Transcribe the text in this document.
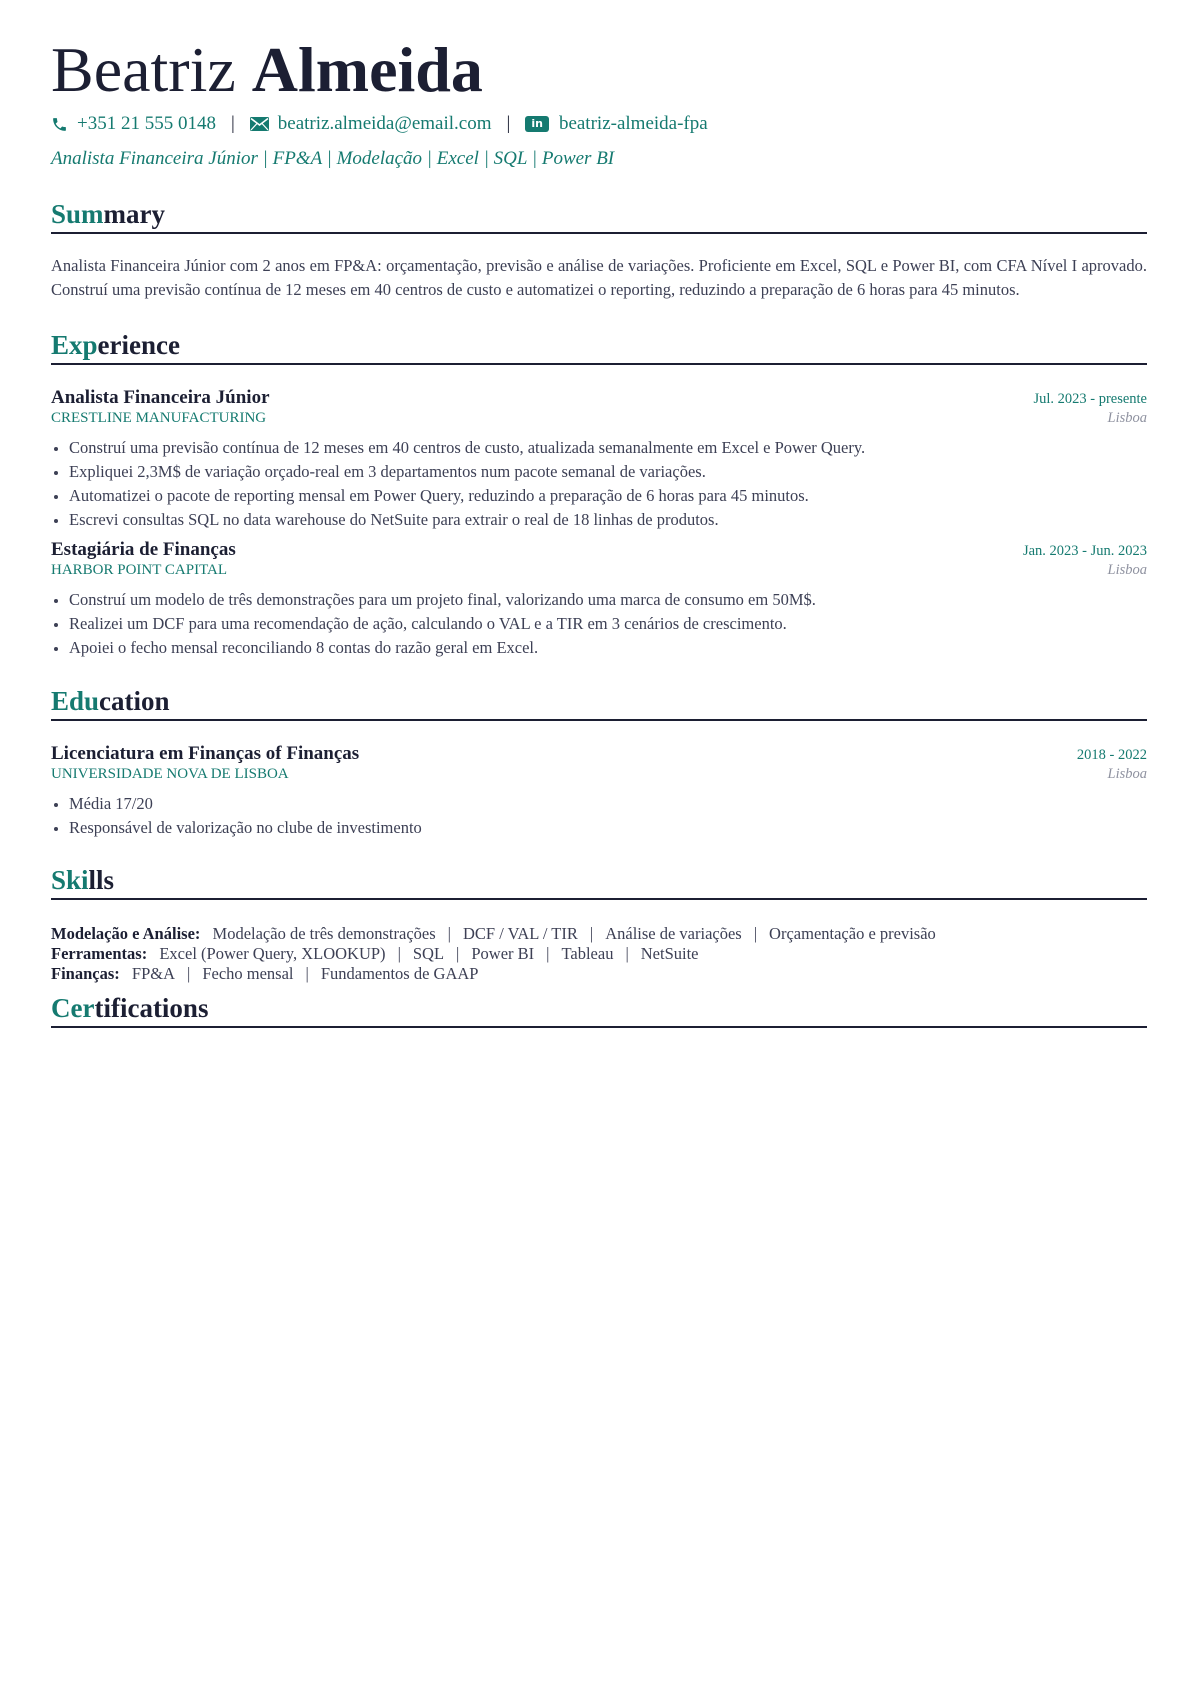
Beatriz Almeida
+351 21 555 0148 | beatriz.almeida@email.com |	in beatriz-almeida-fpa
Analista Financeira Júnior | FP&A | Modelação | Excel | SQL | Power BI
Summary
Analista Financeira Júnior com 2 anos em FP&A: orçamentação, previsão e análise de variações. Proficiente em Excel, SQL e Power BI, com CFA Nível I aprovado. Construí uma previsão contínua de 12 meses em 40 centros de custo e automatizei o reporting, reduzindo a preparação de 6 horas para 45 minutos.
Experience
Analista Financeira Júnior	Jul. 2023 - presente
CRESTLINE MANUFACTURING	Lisboa
Construí uma previsão contínua de 12 meses em 40 centros de custo, atualizada semanalmente em Excel e Power Query.
Expliquei 2,3M$ de variação orçado-real em 3 departamentos num pacote semanal de variações.
Automatizei o pacote de reporting mensal em Power Query, reduzindo a preparação de 6 horas para 45 minutos.
Escrevi consultas SQL no data warehouse do NetSuite para extrair o real de 18 linhas de produtos.
Estagiária de Finanças	Jan. 2023 - Jun. 2023
HARBOR POINT CAPITAL	Lisboa
Construí um modelo de três demonstrações para um projeto final, valorizando uma marca de consumo em 50M$.
Realizei um DCF para uma recomendação de ação, calculando o VAL e a TIR em 3 cenários de crescimento.
Apoiei o fecho mensal reconciliando 8 contas do razão geral em Excel.
Education
Licenciatura em Finanças of Finanças	2018 - 2022
UNIVERSIDADE NOVA DE LISBOA	Lisboa
Média 17/20
Responsável de valorização no clube de investimento
Skills
Modelação e Análise: Modelação de três demonstrações | DCF / VAL / TIR | Análise de variações | Orçamentação e previsão
Ferramentas: Excel (Power Query, XLOOKUP) | SQL | Power BI | Tableau | NetSuite
Finanças: FP&A | Fecho mensal | Fundamentos de GAAP
Certifications
